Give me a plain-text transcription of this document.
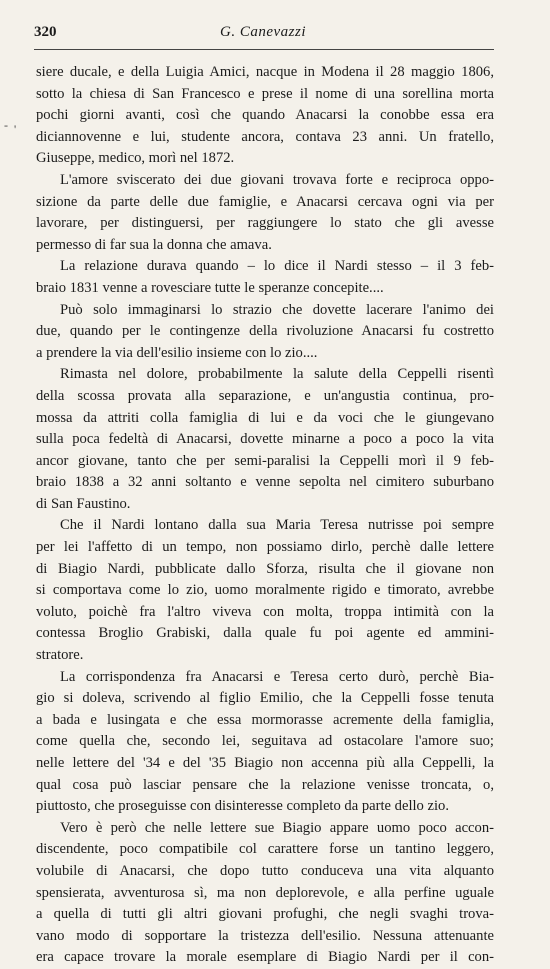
320	G. Canevazzi
- '
siere ducale, e della Luigia Amici, nacque in Modena il 28 maggio 1806,
sotto la chiesa di San Francesco e prese il nome di una sorellina morta
pochi giorni avanti, così che quando Anacarsi la conobbe essa era
diciannovenne e lui, studente ancora, contava 23 anni. Un fratello,
Giuseppe, medico, morì nel 1872.
L'amore sviscerato dei due giovani trovava forte e reciproca oppo-
sizione da parte delle due famiglie, e Anacarsi cercava ogni via per
lavorare, per distinguersi, per raggiungere lo stato che gli avesse
permesso di far sua la donna che amava.
La relazione durava quando – lo dice il Nardi stesso – il 3 feb-
braio 1831 venne a rovesciare tutte le speranze concepite....
Può solo immaginarsi lo strazio che dovette lacerare l'animo dei
due, quando per le contingenze della rivoluzione Anacarsi fu costretto
a prendere la via dell'esilio insieme con lo zio....
Rimasta nel dolore, probabilmente la salute della Ceppelli risentì
della scossa provata alla separazione, e un'angustia continua, pro-
mossa da attriti colla famiglia di lui e da voci che le giungevano
sulla poca fedeltà di Anacarsi, dovette minarne a poco a poco la vita
ancor giovane, tanto che per semi-paralisi la Ceppelli morì il 9 feb-
braio 1838 a 32 anni soltanto e venne sepolta nel cimitero suburbano
di San Faustino.
Che il Nardi lontano dalla sua Maria Teresa nutrisse poi sempre
per lei l'affetto di un tempo, non possiamo dirlo, perchè dalle lettere
di Biagio Nardi, pubblicate dallo Sforza, risulta che il giovane non
si comportava come lo zio, uomo moralmente rigido e timorato, avrebbe
voluto, poichè fra l'altro viveva con molta, troppa intimità con la
contessa Broglio Grabiski, dalla quale fu poi agente ed ammini-
stratore.
La corrispondenza fra Anacarsi e Teresa certo durò, perchè Bia-
gio si doleva, scrivendo al figlio Emilio, che la Ceppelli fosse tenuta
a bada e lusingata e che essa mormorasse acremente della famiglia,
come quella che, secondo lei, seguitava ad ostacolare l'amore suo;
nelle lettere del '34 e del '35 Biagio non accenna più alla Ceppelli, la
qual cosa può lasciar pensare che la relazione venisse troncata, o,
piuttosto, che proseguisse con disinteresse completo da parte dello zio.
Vero è però che nelle lettere sue Biagio appare uomo poco accon-
discendente, poco compatibile col carattere forse un tantino leggero,
volubile di Anacarsi, che dopo tutto conduceva una vita alquanto
spensierata, avventurosa sì, ma non deplorevole, e alla perfine uguale
a quella di tutti gli altri giovani profughi, che negli svaghi trova-
vano modo di sopportare la tristezza dell'esilio. Nessuna attenuante
era capace trovare la morale esemplare di Biagio Nardi per il con-
